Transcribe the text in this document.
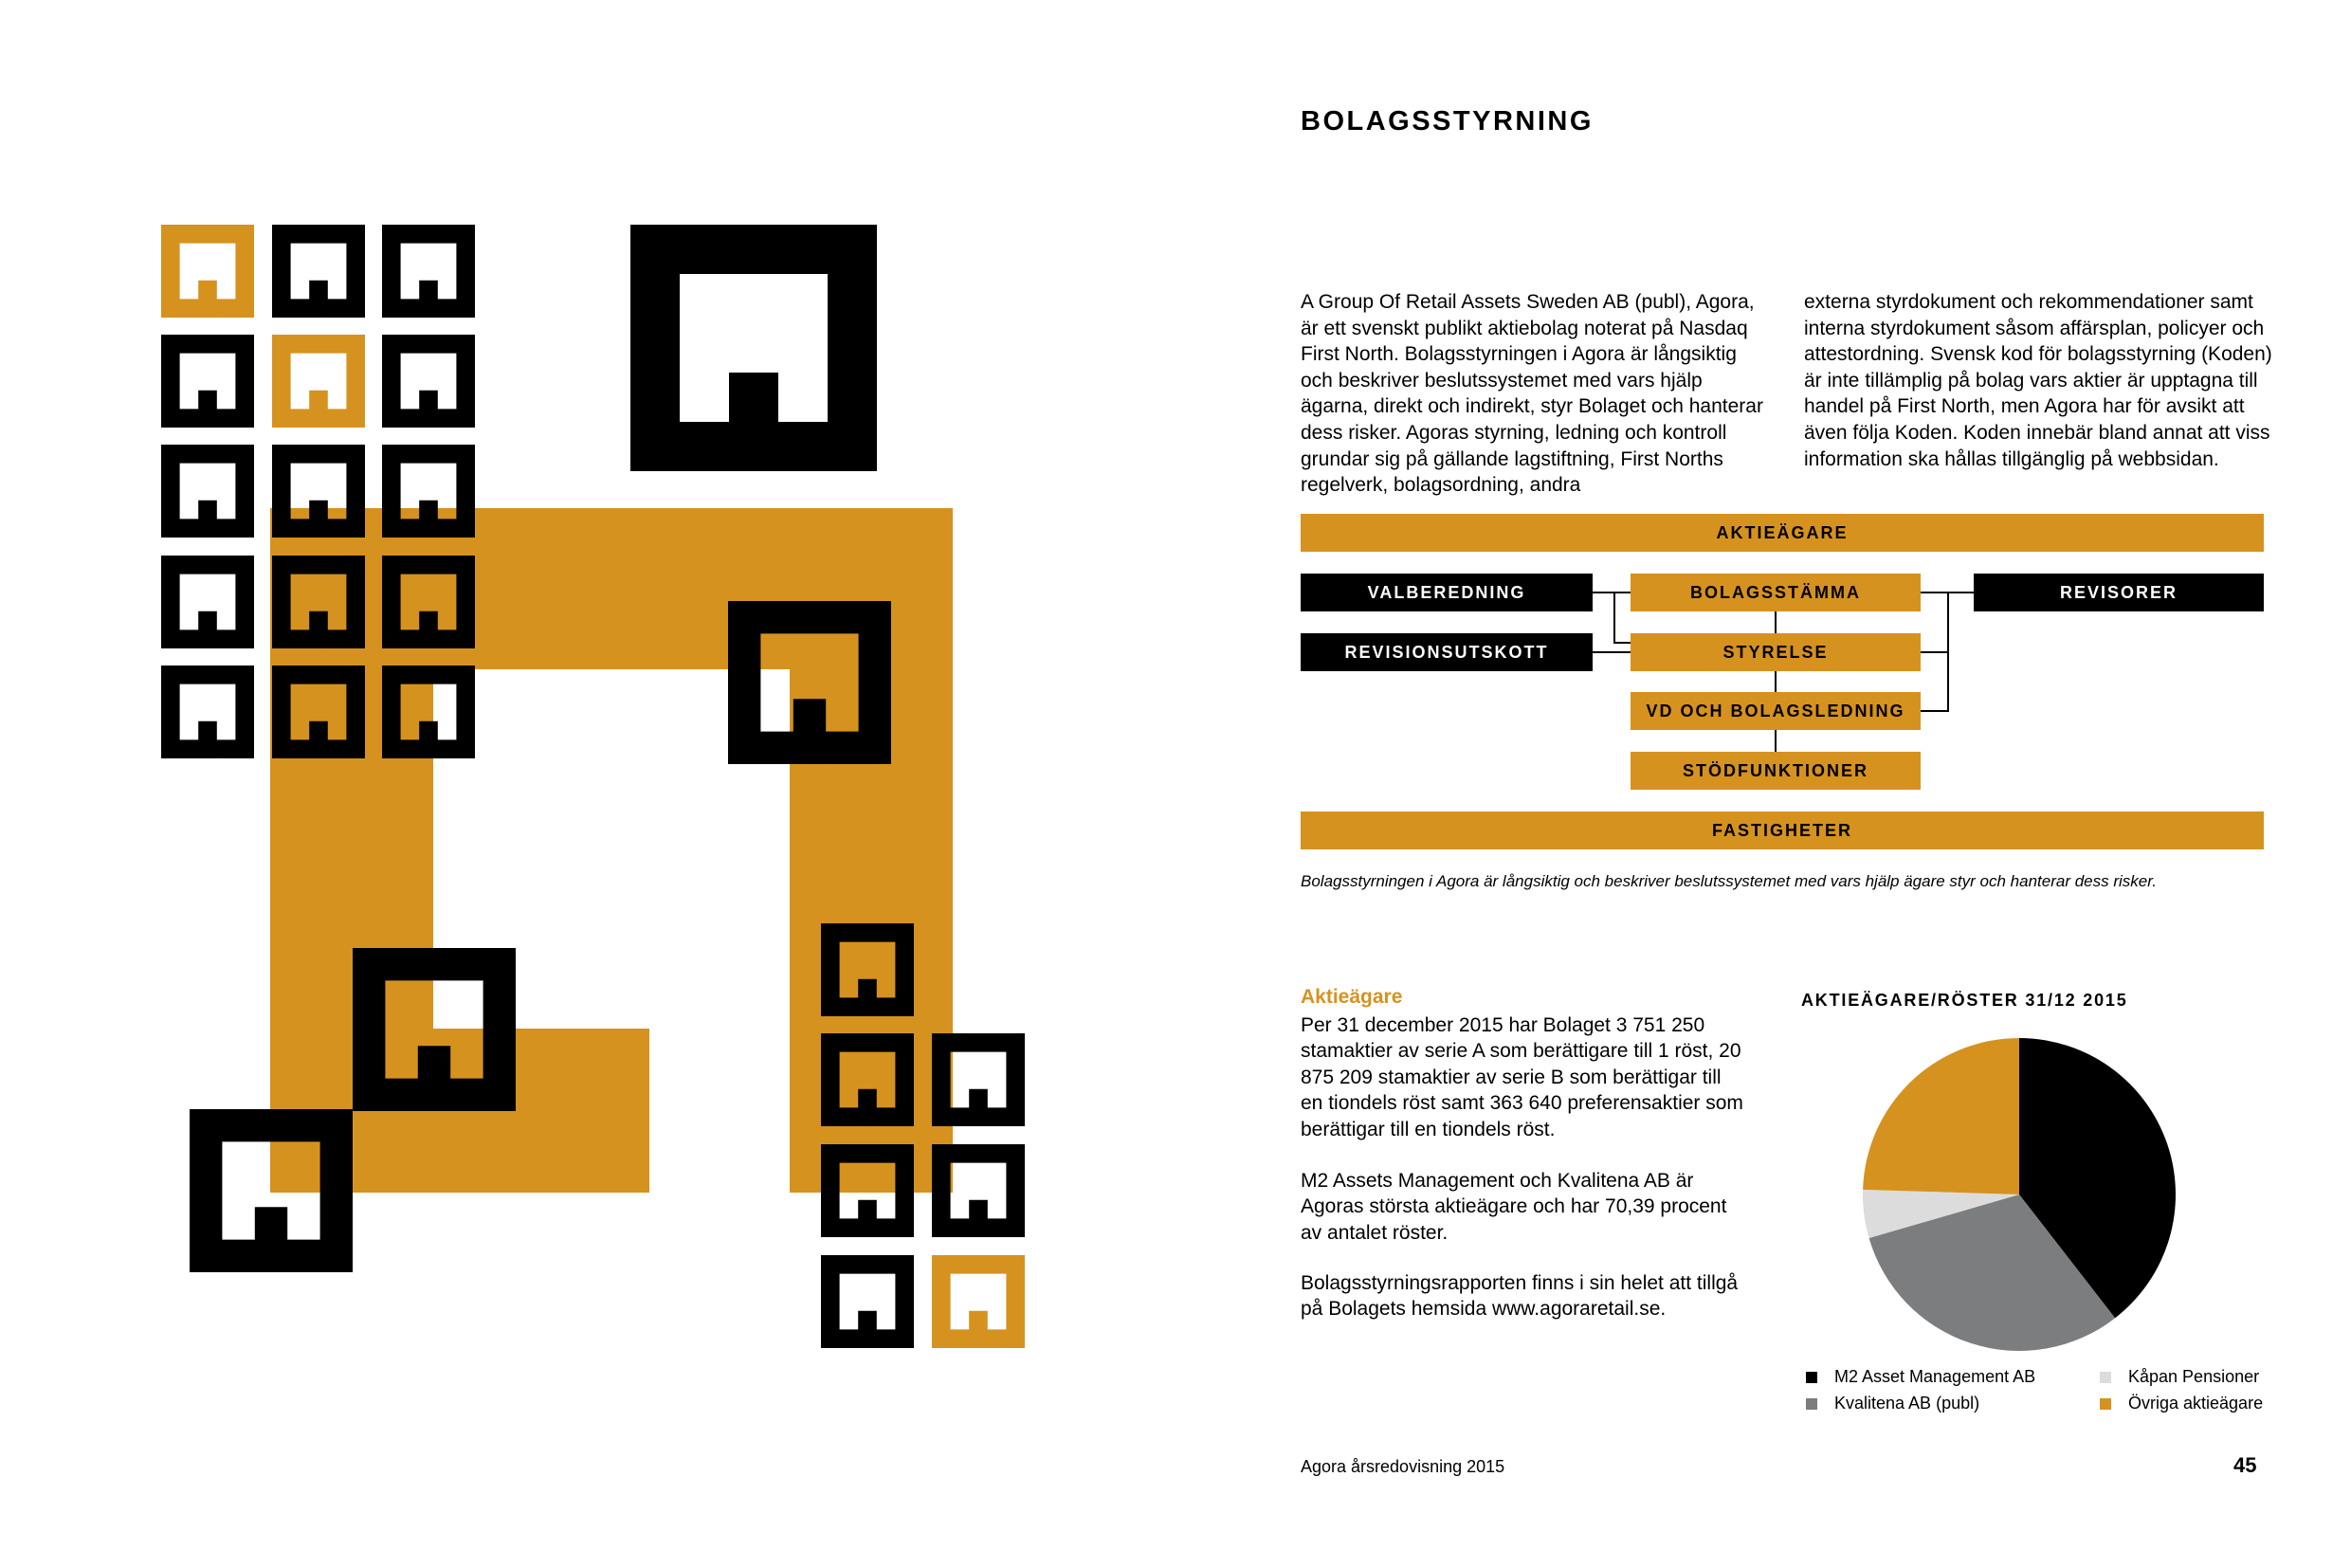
BOLAGSSTYRNING

A Group Of Retail Assets Sweden AB (publ), Agora, är ett svenskt publikt aktiebolag noterat på Nasdaq First North. Bolagsstyrningen i Agora är långsiktig och beskriver beslutssystemet med vars hjälp ägarna, direkt och indirekt, styr Bolaget och hanterar dess risker. Agoras styrning, ledning och kontroll grundar sig på gällande lagstiftning, First Norths regelverk, bolagsordning, andra

externa styrdokument och rekommendationer samt interna styrdokument såsom affärsplan, policyer och attestordning. Svensk kod för bolagsstyrning (Koden) är inte tillämplig på bolag vars aktier är upptagna till handel på First North, men Agora har för avsikt att även följa Koden. Koden innebär bland annat att viss information ska hållas tillgänglig på webbsidan.

AKTIEÄGARE
VALBEREDNING
REVISIONSUTSKOTT
BOLAGSSTÄMMA
STYRELSE
VD OCH BOLAGSLEDNING
STÖDFUNKTIONER
REVISORER
FASTIGHETER

Bolagsstyrningen i Agora är långsiktig och beskriver beslutssystemet med vars hjälp ägare styr och hanterar dess risker.

Aktieägare

Per 31 december 2015 har Bolaget 3 751 250 stamaktier av serie A som berättigare till 1 röst, 20 875 209 stamaktier av serie B som berättigar till en tiondels röst samt 363 640 preferensaktier som berättigar till en tiondels röst.

M2 Assets Management och Kvalitena AB är Agoras största aktieägare och har 70,39 procent av antalet röster.

Bolagsstyrningsrapporten finns i sin helet att tillgå på Bolagets hemsida www.agoraretail.se.

AKTIEÄGARE/RÖSTER 31/12 2015
M2 Asset Management AB
Kvalitena AB (publ)
Kåpan Pensioner
Övriga aktieägare

Agora årsredovisning 2015	45
